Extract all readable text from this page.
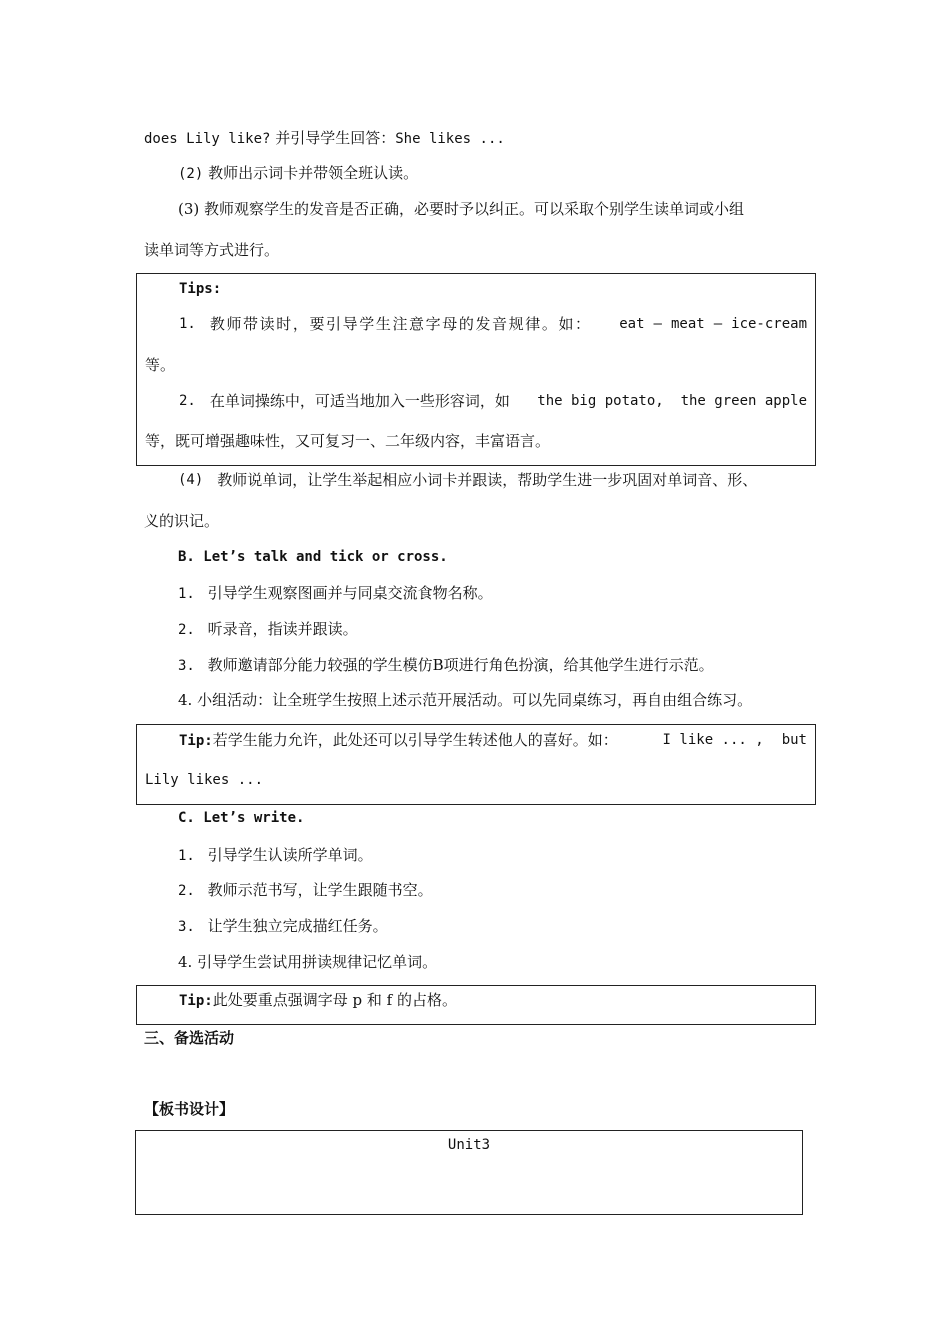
does Lily like? 并引导学生回答：She likes ...
(2) 教师出示词卡并带领全班认读。
(3) 教师观察学生的发音是否正确，必要时予以纠正。可以采取个别学生读单词或小组
读单词等方式进行。
Tips:
1. 教师带读时，要引导学生注意字母的发音规律。如： eat – meat – ice-cream
等。
2. 在单词操练中，可适当地加入一些形容词，如 the big potato,  the green apple
等，既可增强趣味性，又可复习一、二年级内容，丰富语言。
(4) 教师说单词，让学生举起相应小词卡并跟读，帮助学生进一步巩固对单词音、形、
义的识记。
B. Let’s talk and tick or cross.
1. 引导学生观察图画并与同桌交流食物名称。
2. 听录音，指读并跟读。
3. 教师邀请部分能力较强的学生模仿B项进行角色扮演，给其他学生进行示范。
4. 小组活动：让全班学生按照上述示范开展活动。可以先同桌练习，再自由组合练习。
Tip:若学生能力允许，此处还可以引导学生转述他人的喜好。如：	I like ... , but
Lily likes ...
C. Let’s write.
1. 引导学生认读所学单词。
2. 教师示范书写，让学生跟随书空。
3. 让学生独立完成描红任务。
4. 引导学生尝试用拼读规律记忆单词。
Tip:此处要重点强调字母 p 和 f 的占格。
三、备选活动
【板书设计】
Unit3
